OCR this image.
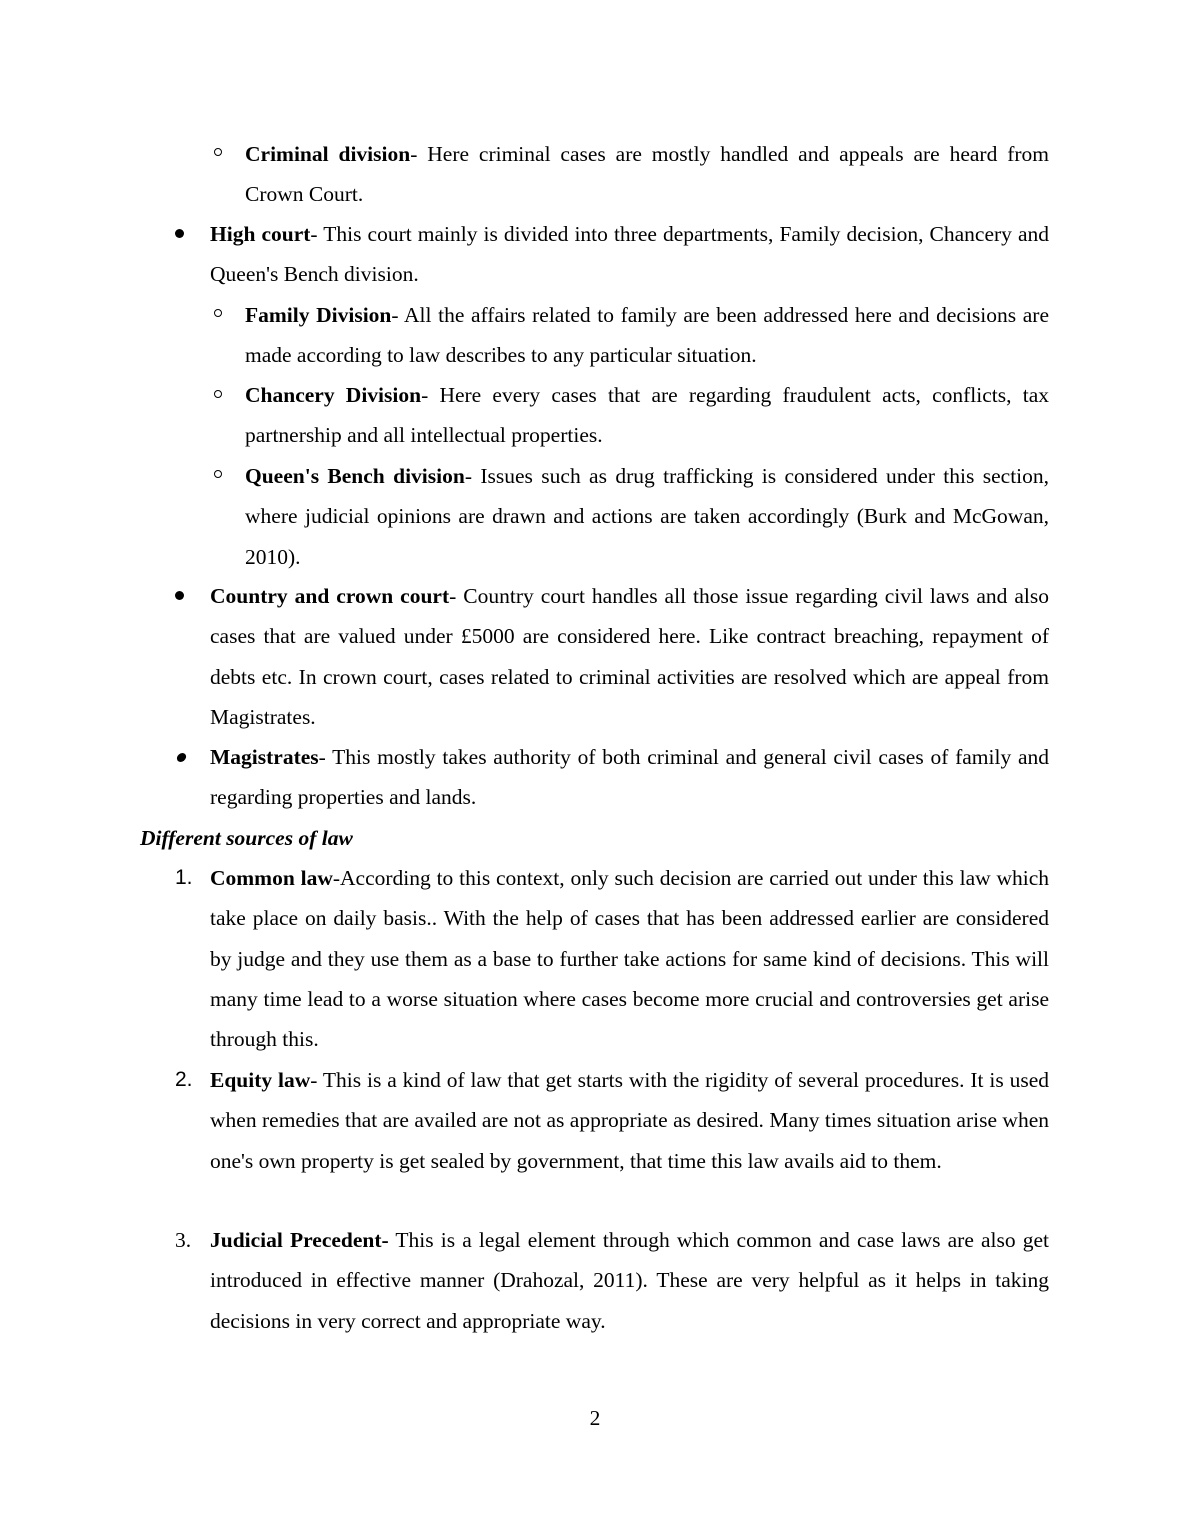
Criminal division- Here criminal cases are mostly handled and appeals are heard from Crown Court.
High court- This court mainly is divided into three departments, Family decision, Chancery and Queen's Bench division.
Family Division- All the affairs related to family are been addressed here and decisions are made according to law describes to any particular situation.
Chancery Division- Here every cases that are regarding fraudulent acts, conflicts, tax partnership and all intellectual properties.
Queen's Bench division- Issues such as drug trafficking is considered under this section, where judicial opinions are drawn and actions are taken accordingly (Burk and McGowan, 2010).
Country and crown court- Country court handles all those issue regarding civil laws and also cases that are valued under £5000 are considered here. Like contract breaching, repayment of debts etc. In crown court, cases related to criminal activities are resolved which are appeal from Magistrates.
Magistrates- This mostly takes authority of both criminal and general civil cases of family and regarding properties and lands.
Different sources of law
1. Common law-According to this context, only such decision are carried out under this law which take place on daily basis.. With the help of cases that has been addressed earlier are considered by judge and they use them as a base to further take actions for same kind of decisions. This will many time lead to a worse situation where cases become more crucial and controversies get arise through this.
2. Equity law- This is a kind of law that get starts with the rigidity of several procedures. It is used when remedies that are availed are not as appropriate as desired. Many times situation arise when one's own property is get sealed by government, that time this law avails aid to them.
3. Judicial Precedent- This is a legal element through which common and case laws are also get introduced in effective manner (Drahozal, 2011). These are very helpful as it helps in taking decisions in very correct and appropriate way.
2
